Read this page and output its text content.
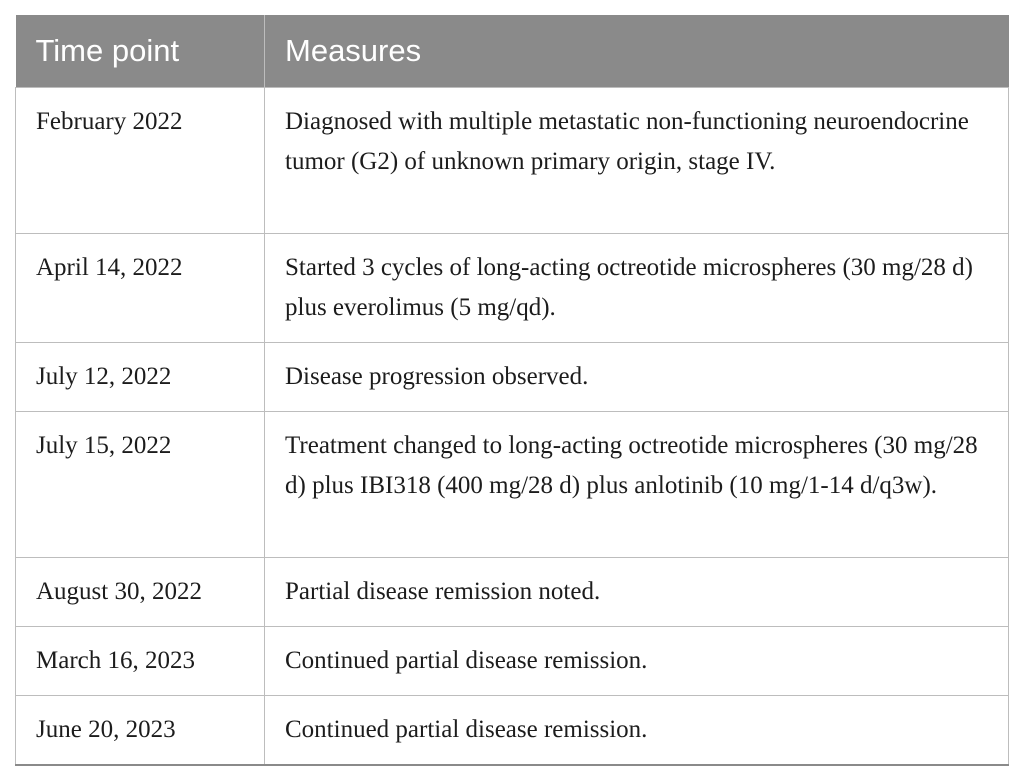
Time point	Measures
February 2022	Diagnosed with multiple metastatic non-functioning neuroendocrine tumor (G2) of unknown primary origin, stage IV.
April 14, 2022	Started 3 cycles of long-acting octreotide microspheres (30 mg/28 d) plus everolimus (5 mg/qd).
July 12, 2022	Disease progression observed.
July 15, 2022	Treatment changed to long-acting octreotide microspheres (30 mg/28 d) plus IBI318 (400 mg/28 d) plus anlotinib (10 mg/1-14 d/q3w).
August 30, 2022	Partial disease remission noted.
March 16, 2023	Continued partial disease remission.
June 20, 2023	Continued partial disease remission.
